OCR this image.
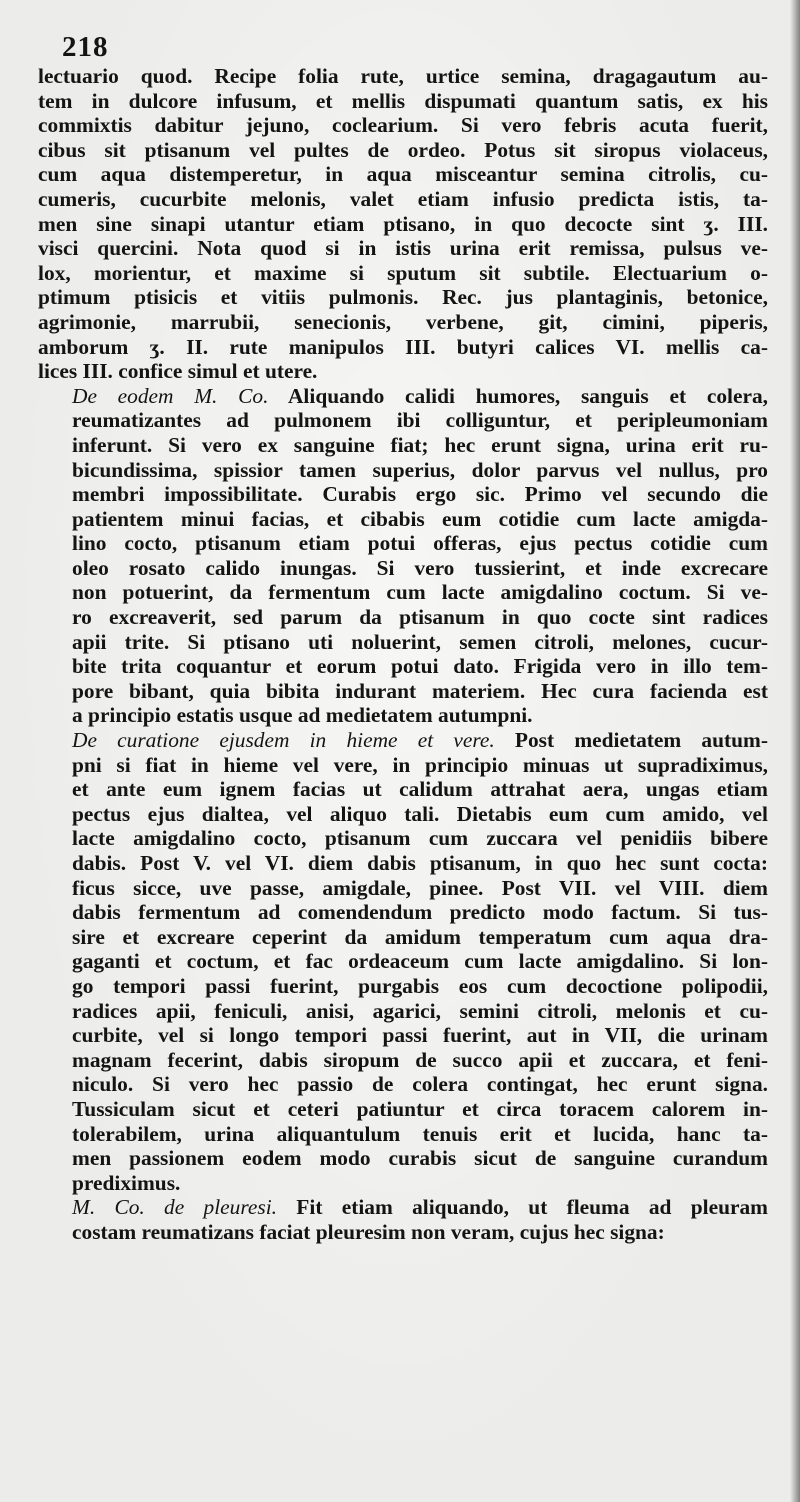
218
lectuario quod. Recipe folia rute, urtice semina, dragagautum au-
tem in dulcore infusum, et mellis dispumati quantum satis, ex his
commixtis dabitur jejuno, coclearium. Si vero febris acuta fuerit,
cibus sit ptisanum vel pultes de ordeo. Potus sit siropus violaceus,
cum aqua distemperetur, in aqua misceantur semina citrolis, cu-
cumeris, cucurbite melonis, valet etiam infusio predicta istis, ta-
men sine sinapi utantur etiam ptisano, in quo decocte sint ʒ. III.
visci quercini. Nota quod si in istis urina erit remissa, pulsus ve-
lox, morientur, et maxime si sputum sit subtile. Electuarium o-
ptimum ptisicis et vitiis pulmonis. Rec. jus plantaginis, betonice,
agrimonie, marrubii, senecionis, verbene, git, cimini, piperis,
amborum ʒ. II. rute manipulos III. butyri calices VI. mellis ca-
lices III. confice simul et utere.
De eodem M. Co. Aliquando calidi humores, sanguis et colera,
reumatizantes ad pulmonem ibi colliguntur, et peripleumoniam
inferunt. Si vero ex sanguine fiat; hec erunt signa, urina erit ru-
bicundissima, spissior tamen superius, dolor parvus vel nullus, pro
membri impossibilitate. Curabis ergo sic. Primo vel secundo die
patientem minui facias, et cibabis eum cotidie cum lacte amigda-
lino cocto, ptisanum etiam potui offeras, ejus pectus cotidie cum
oleo rosato calido inungas. Si vero tussierint, et inde excrecare
non potuerint, da fermentum cum lacte amigdalino coctum. Si ve-
ro excreaverit, sed parum da ptisanum in quo cocte sint radices
apii trite. Si ptisano uti noluerint, semen citroli, melones, cucur-
bite trita coquantur et eorum potui dato. Frigida vero in illo tem-
pore bibant, quia bibita indurant materiem. Hec cura facienda est
a principio estatis usque ad medietatem autumpni.
De curatione ejusdem in hieme et vere. Post medietatem autum-
pni si fiat in hieme vel vere, in principio minuas ut supradiximus,
et ante eum ignem facias ut calidum attrahat aera, ungas etiam
pectus ejus dialtea, vel aliquo tali. Dietabis eum cum amido, vel
lacte amigdalino cocto, ptisanum cum zuccara vel penidiis bibere
dabis. Post V. vel VI. diem dabis ptisanum, in quo hec sunt cocta:
ficus sicce, uve passe, amigdale, pinee. Post VII. vel VIII. diem
dabis fermentum ad comendendum predicto modo factum. Si tus-
sire et excreare ceperint da amidum temperatum cum aqua dra-
gaganti et coctum, et fac ordeaceum cum lacte amigdalino. Si lon-
go tempori passi fuerint, purgabis eos cum decoctione polipodii,
radices apii, feniculi, anisi, agarici, semini citroli, melonis et cu-
curbite, vel si longo tempori passi fuerint, aut in VII, die urinam
magnam fecerint, dabis siropum de succo apii et zuccara, et feni-
niculo. Si vero hec passio de colera contingat, hec erunt signa.
Tussiculam sicut et ceteri patiuntur et circa toracem calorem in-
tolerabilem, urina aliquantulum tenuis erit et lucida, hanc ta-
men passionem eodem modo curabis sicut de sanguine curandum
prediximus.
M. Co. de pleuresi. Fit etiam aliquando, ut fleuma ad pleuram
costam reumatizans faciat pleuresim non veram, cujus hec signa:
